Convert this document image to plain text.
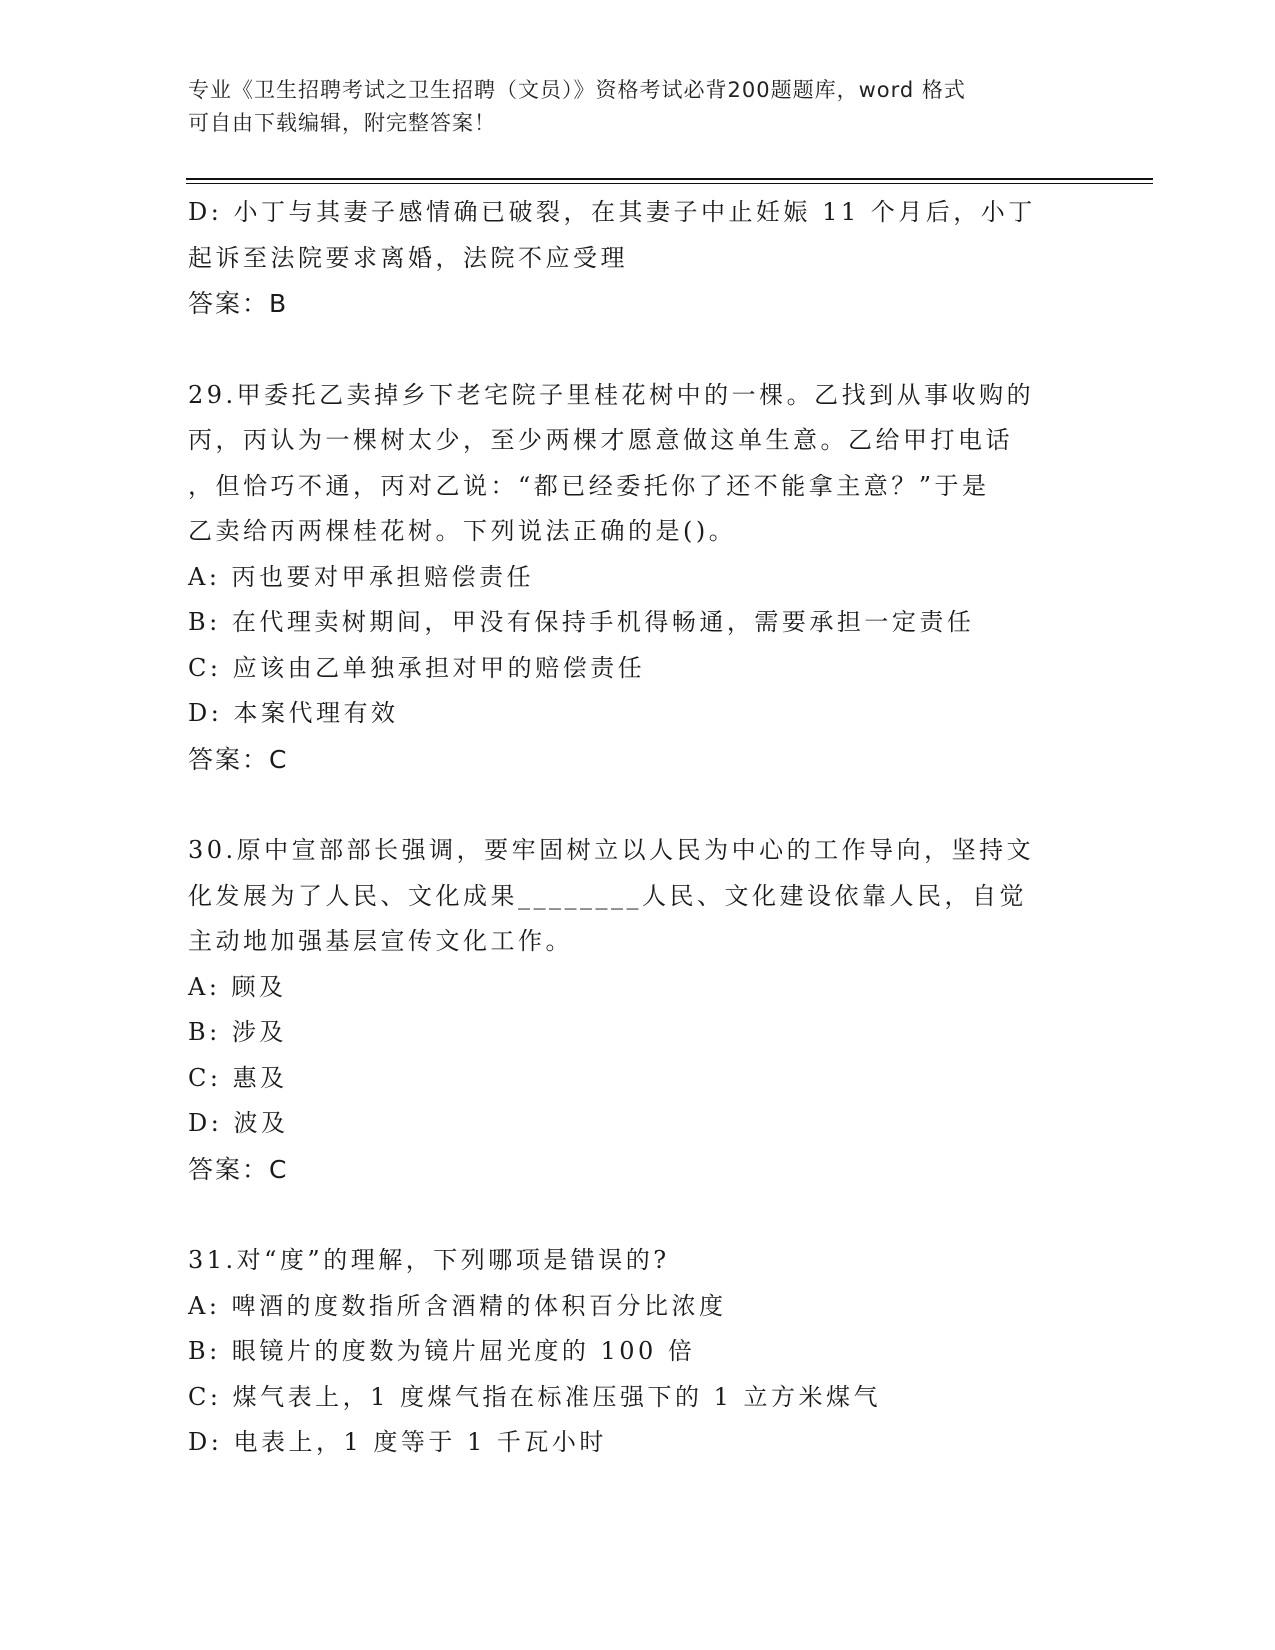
专业《卫生招聘考试之卫生招聘（文员）》资格考试必背200题题库，word 格式
可自由下载编辑，附完整答案！
D: 小丁与其妻子感情确已破裂，在其妻子中止妊娠 11 个月后，小丁
起诉至法院要求离婚，法院不应受理
答案：B
29.甲委托乙卖掉乡下老宅院子里桂花树中的一棵。乙找到从事收购的
丙，丙认为一棵树太少，至少两棵才愿意做这单生意。乙给甲打电话
，但恰巧不通，丙对乙说：“都已经委托你了还不能拿主意？”于是
乙卖给丙两棵桂花树。下列说法正确的是()。
A: 丙也要对甲承担赔偿责任
B: 在代理卖树期间，甲没有保持手机得畅通，需要承担一定责任
C: 应该由乙单独承担对甲的赔偿责任
D: 本案代理有效
答案：C
30.原中宣部部长强调，要牢固树立以人民为中心的工作导向，坚持文
化发展为了人民、文化成果________人民、文化建设依靠人民，自觉
主动地加强基层宣传文化工作。
A: 顾及
B: 涉及
C: 惠及
D: 波及
答案：C
31.对“度”的理解，下列哪项是错误的?
A: 啤酒的度数指所含酒精的体积百分比浓度
B: 眼镜片的度数为镜片屈光度的 100 倍
C: 煤气表上，1 度煤气指在标准压强下的 1 立方米煤气
D: 电表上，1 度等于 1 千瓦小时
